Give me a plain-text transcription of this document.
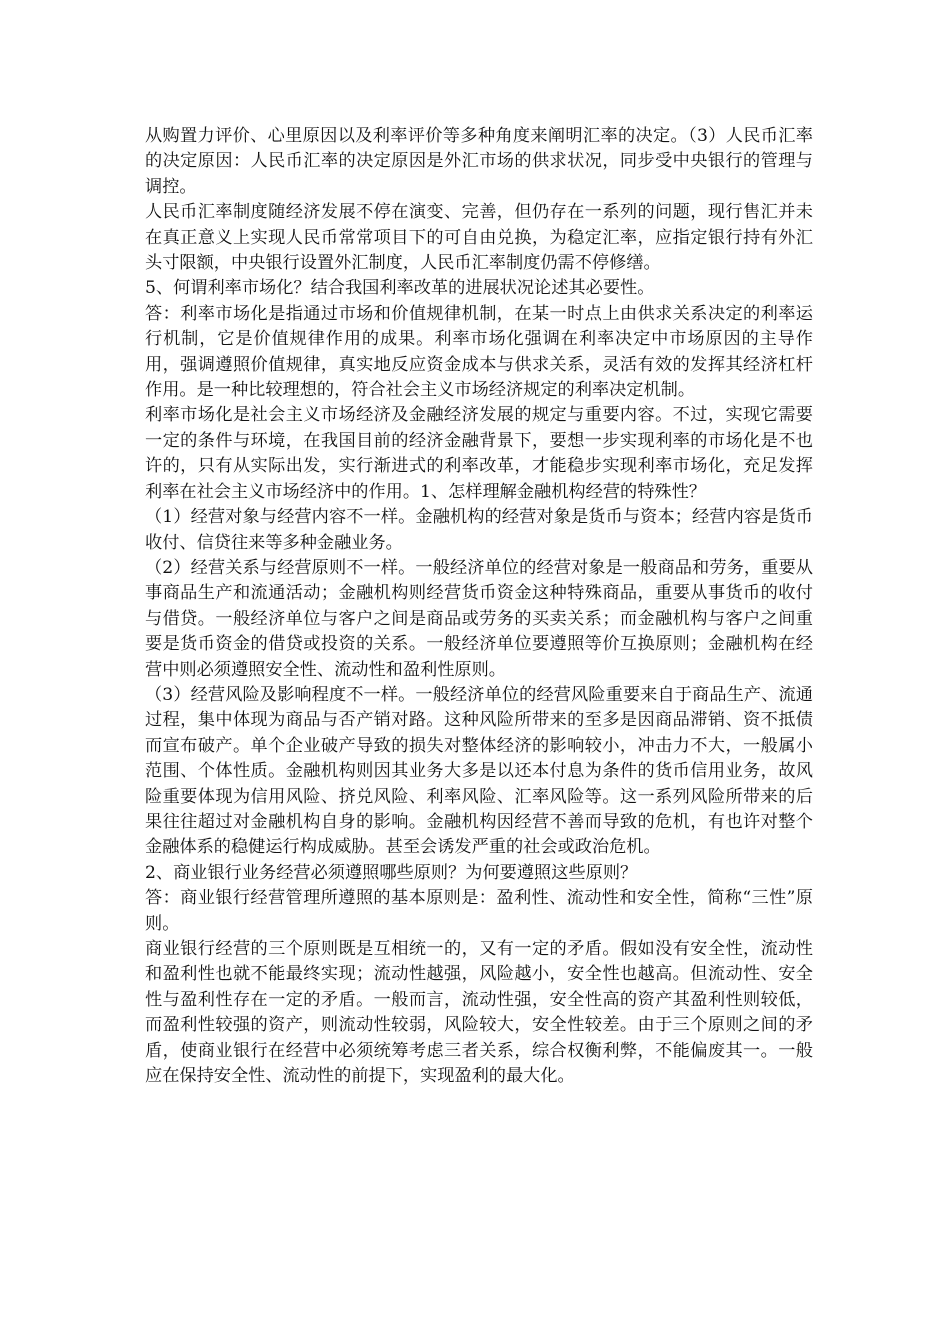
从购置力评价、心里原因以及利率评价等多种角度来阐明汇率的决定。（3）人民币汇率的决定原因：人民币汇率的决定原因是外汇市场的供求状况，同步受中央银行的管理与调控。

人民币汇率制度随经济发展不停在演变、完善，但仍存在一系列的问题，现行售汇并未在真正意义上实现人民币常常项目下的可自由兑换，为稳定汇率，应指定银行持有外汇头寸限额，中央银行设置外汇制度，人民币汇率制度仍需不停修缮。

5、何谓利率市场化？结合我国利率改革的进展状况论述其必要性。

答：利率市场化是指通过市场和价值规律机制，在某一时点上由供求关系决定的利率运行机制，它是价值规律作用的成果。利率市场化强调在利率决定中市场原因的主导作用，强调遵照价值规律，真实地反应资金成本与供求关系，灵活有效的发挥其经济杠杆作用。是一种比较理想的，符合社会主义市场经济规定的利率决定机制。

利率市场化是社会主义市场经济及金融经济发展的规定与重要内容。不过，实现它需要一定的条件与环境，在我国目前的经济金融背景下，要想一步实现利率的市场化是不也许的，只有从实际出发，实行渐进式的利率改革，才能稳步实现利率市场化，充足发挥利率在社会主义市场经济中的作用。1、怎样理解金融机构经营的特殊性？

（1）经营对象与经营内容不一样。金融机构的经营对象是货币与资本；经营内容是货币收付、信贷往来等多种金融业务。

（2）经营关系与经营原则不一样。一般经济单位的经营对象是一般商品和劳务，重要从事商品生产和流通活动；金融机构则经营货币资金这种特殊商品，重要从事货币的收付与借贷。一般经济单位与客户之间是商品或劳务的买卖关系；而金融机构与客户之间重要是货币资金的借贷或投资的关系。一般经济单位要遵照等价互换原则；金融机构在经营中则必须遵照安全性、流动性和盈利性原则。

（3）经营风险及影响程度不一样。一般经济单位的经营风险重要来自于商品生产、流通过程，集中体现为商品与否产销对路。这种风险所带来的至多是因商品滞销、资不抵债而宣布破产。单个企业破产导致的损失对整体经济的影响较小，冲击力不大，一般属小范围、个体性质。金融机构则因其业务大多是以还本付息为条件的货币信用业务，故风险重要体现为信用风险、挤兑风险、利率风险、汇率风险等。这一系列风险所带来的后果往往超过对金融机构自身的影响。金融机构因经营不善而导致的危机，有也许对整个金融体系的稳健运行构成威胁。甚至会诱发严重的社会或政治危机。

2、商业银行业务经营必须遵照哪些原则？为何要遵照这些原则？

答：商业银行经营管理所遵照的基本原则是：盈利性、流动性和安全性，简称“三性”原则。

商业银行经营的三个原则既是互相统一的，又有一定的矛盾。假如没有安全性，流动性和盈利性也就不能最终实现；流动性越强，风险越小，安全性也越高。但流动性、安全性与盈利性存在一定的矛盾。一般而言，流动性强，安全性高的资产其盈利性则较低，而盈利性较强的资产，则流动性较弱，风险较大，安全性较差。由于三个原则之间的矛盾，使商业银行在经营中必须统筹考虑三者关系，综合权衡利弊，不能偏废其一。一般应在保持安全性、流动性的前提下，实现盈利的最大化。
